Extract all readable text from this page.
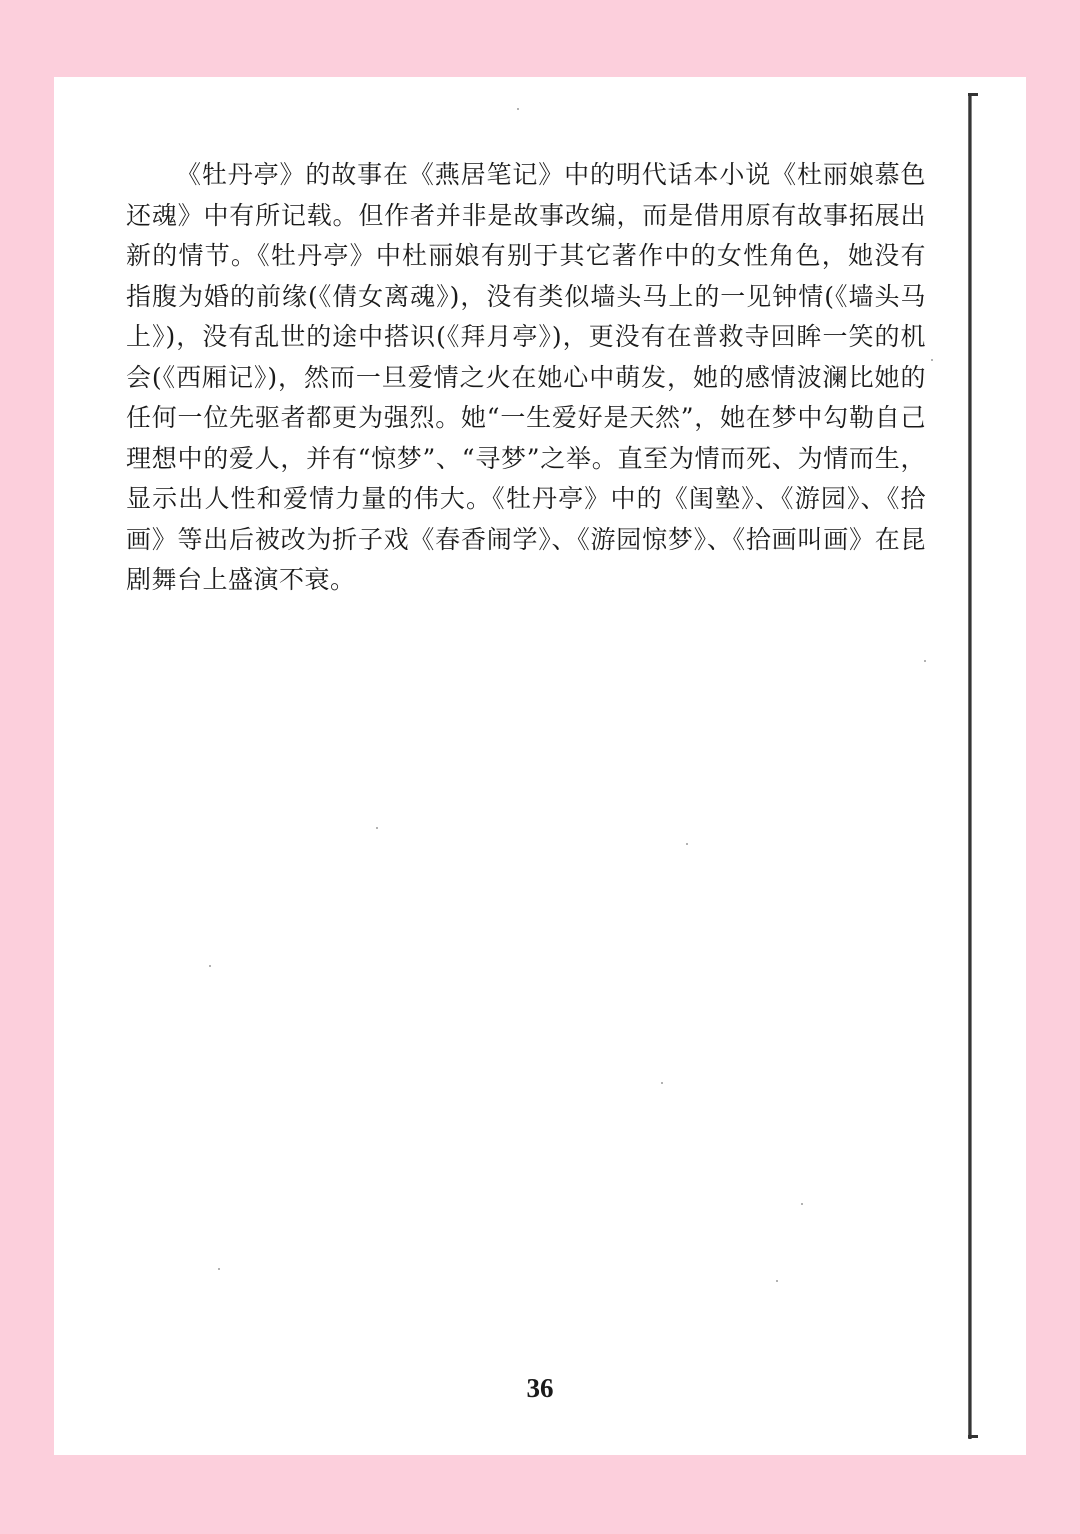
《牡丹亭》的故事在《燕居笔记》中的明代话本小说《杜丽娘慕色还魂》中有所记载。但作者并非是故事改编，而是借用原有故事拓展出新的情节。《牡丹亭》中杜丽娘有别于其它著作中的女性角色，她没有指腹为婚的前缘(《倩女离魂》)，没有类似墙头马上的一见钟情(《墙头马上》)，没有乱世的途中搭识(《拜月亭》)，更没有在普救寺回眸一笑的机会(《西厢记》)，然而一旦爱情之火在她心中萌发，她的感情波澜比她的任何一位先驱者都更为强烈。她“一生爱好是天然”，她在梦中勾勒自己理想中的爱人，并有“惊梦”、“寻梦”之举。直至为情而死、为情而生，显示出人性和爱情力量的伟大。《牡丹亭》中的《闺塾》、《游园》、《拾画》等出后被改为折子戏《春香闹学》、《游园惊梦》、《拾画叫画》在昆剧舞台上盛演不衰。

36
